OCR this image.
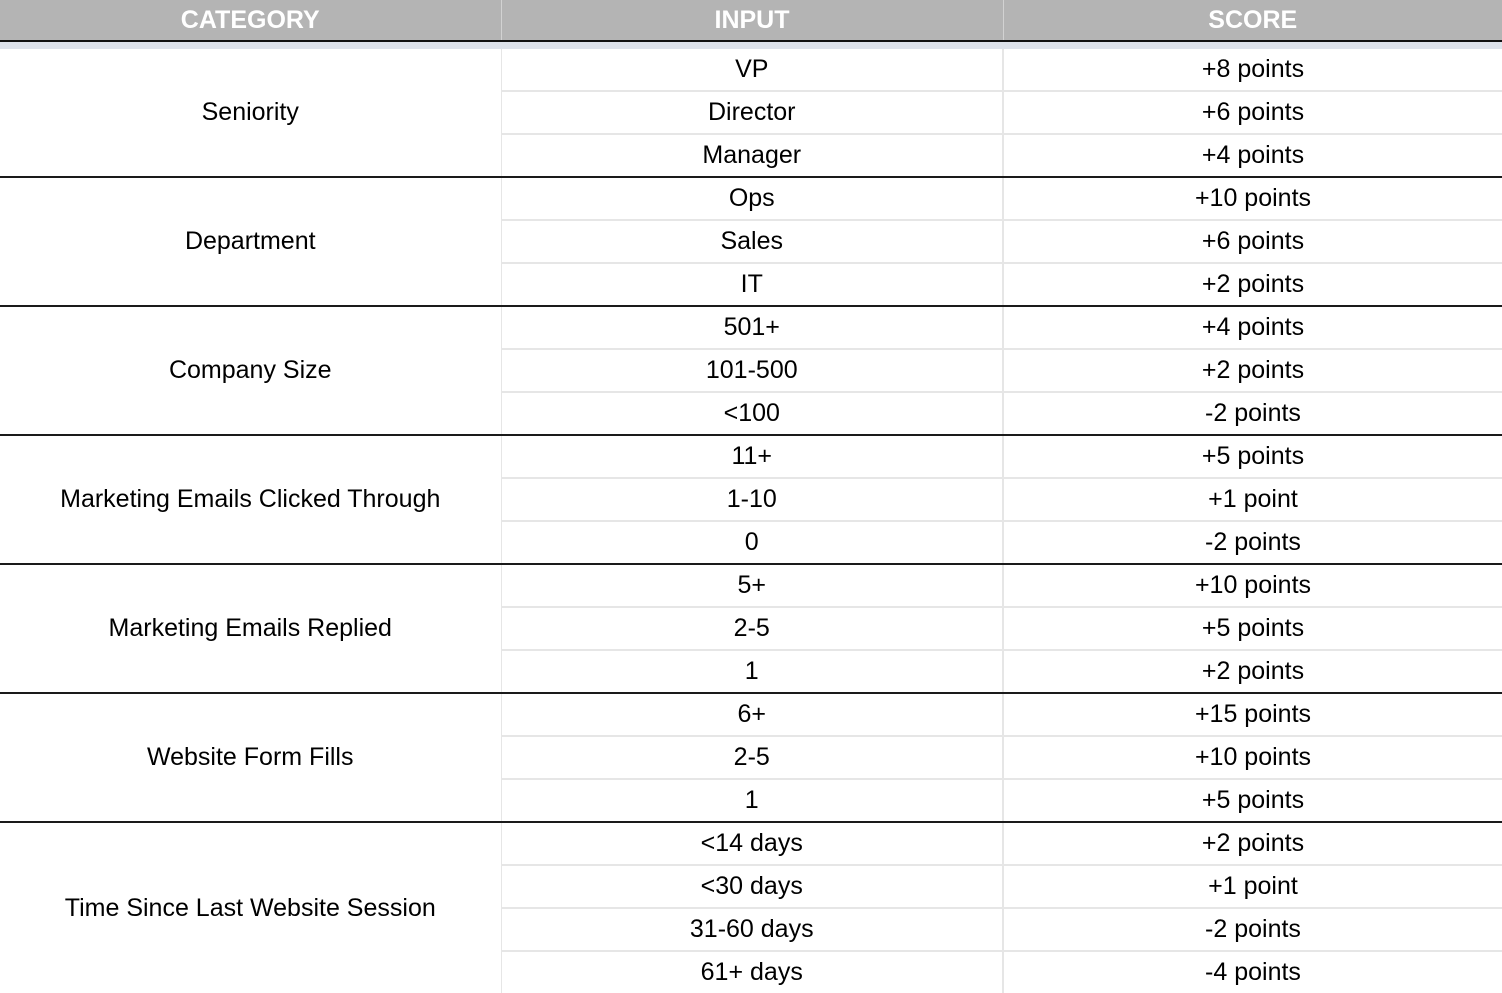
CATEGORY	INPUT	SCORE

Seniority	VP	+8 points
	Director	+6 points
	Manager	+4 points
Department	Ops	+10 points
	Sales	+6 points
	IT	+2 points
Company Size	501+	+4 points
	101-500	+2 points
	<100	-2 points
Marketing Emails Clicked Through	11+	+5 points
	1-10	+1 point
	0	-2 points
Marketing Emails Replied	5+	+10 points
	2-5	+5 points
	1	+2 points
Website Form Fills	6+	+15 points
	2-5	+10 points
	1	+5 points
Time Since Last Website Session	<14 days	+2 points
	<30 days	+1 point
	31-60 days	-2 points
	61+ days	-4 points
